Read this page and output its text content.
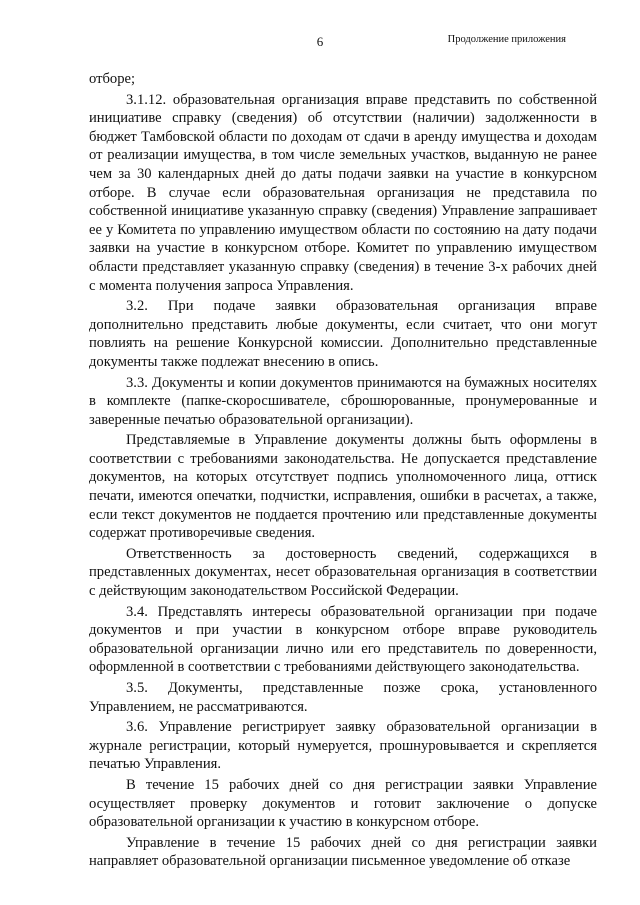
6	Продолжение приложения

отборе;

3.1.12. образовательная организация вправе представить по собственной инициативе справку (сведения) об отсутствии (наличии) задолженности в бюджет Тамбовской области по доходам от сдачи в аренду имущества и доходам от реализации имущества, в том числе земельных участков, выданную не ранее чем за 30 календарных дней до даты подачи заявки на участие в конкурсном отборе. В случае если образовательная организация не представила по собственной инициативе указанную справку (сведения) Управление запрашивает ее у Комитета по управлению имуществом области по состоянию на дату подачи заявки на участие в конкурсном отборе. Комитет по управлению имуществом области представляет указанную справку (сведения) в течение 3-х рабочих дней с момента получения запроса Управления.

3.2. При подаче заявки образовательная организация вправе дополнительно представить любые документы, если считает, что они могут повлиять на решение Конкурсной комиссии. Дополнительно представленные документы также подлежат внесению в опись.

3.3. Документы и копии документов принимаются на бумажных носителях в комплекте (папке-скоросшивателе, сброшюрованные, пронумерованные и заверенные печатью образовательной организации).

Представляемые в Управление документы должны быть оформлены в соответствии с требованиями законодательства. Не допускается представление документов, на которых отсутствует подпись уполномоченного лица, оттиск печати, имеются опечатки, подчистки, исправления, ошибки в расчетах, а также, если текст документов не поддается прочтению или представленные документы содержат противоречивые сведения.

Ответственность за достоверность сведений, содержащихся в представленных документах, несет образовательная организация в соответствии с действующим законодательством Российской Федерации.

3.4. Представлять интересы образовательной организации при подаче документов и при участии в конкурсном отборе вправе руководитель образовательной организации лично или его представитель по доверенности, оформленной в соответствии с требованиями действующего законодательства.

3.5. Документы, представленные позже срока, установленного Управлением, не рассматриваются.

3.6. Управление регистрирует заявку образовательной организации в журнале регистрации, который нумеруется, прошнуровывается и скрепляется печатью Управления.

В течение 15 рабочих дней со дня регистрации заявки Управление осуществляет проверку документов и готовит заключение о допуске образовательной организации к участию в конкурсном отборе.

Управление в течение 15 рабочих дней со дня регистрации заявки направляет образовательной организации письменное уведомление об отказе
